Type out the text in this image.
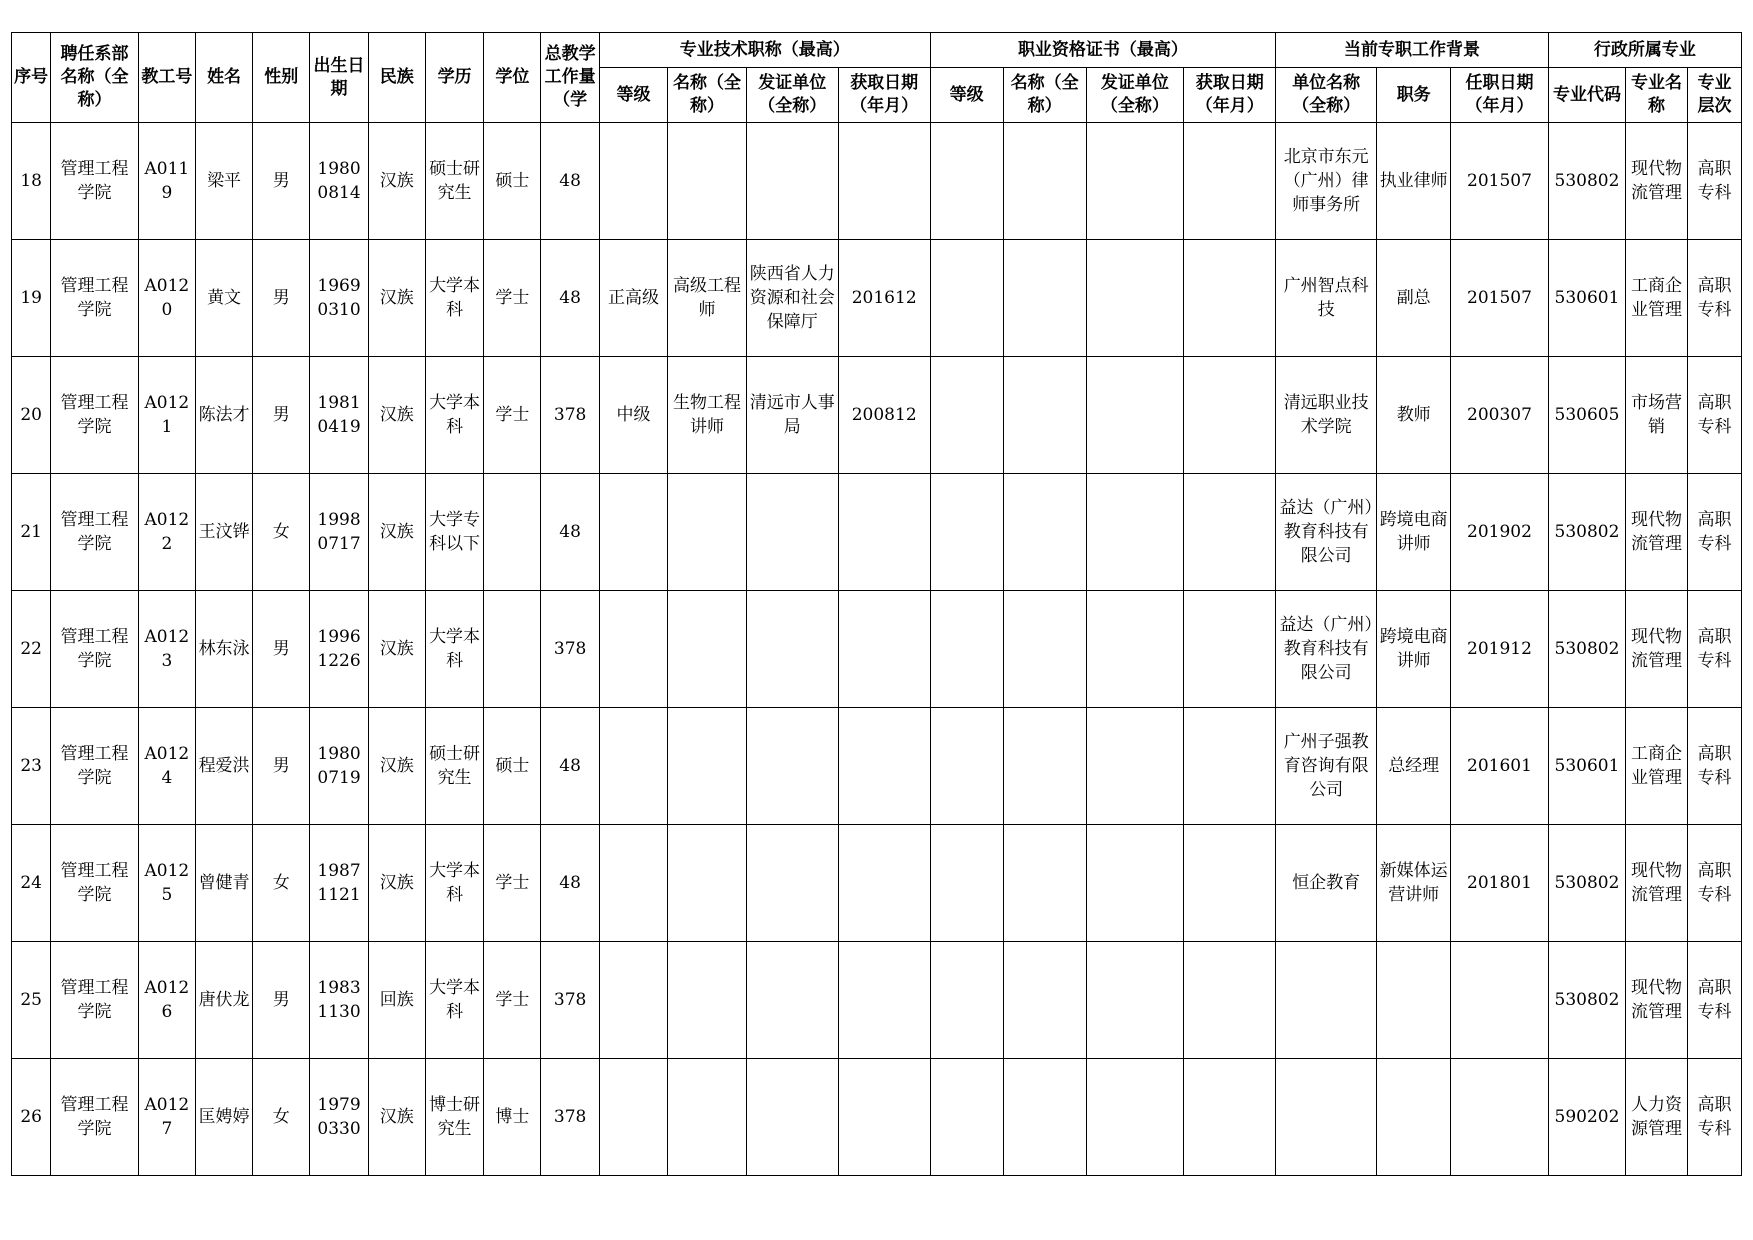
序号	聘任系部名称（全称）	教工号	姓名	性别	出生日期	民族	学历	学位	总教学工作量（学	专业技术职称（最高）				职业资格证书（最高）				当前专职工作背景			行政所属专业		
										等级	名称（全称）	发证单位（全称）	获取日期（年月）	等级	名称（全称）	发证单位（全称）	获取日期（年月）	单位名称（全称）	职务	任职日期（年月）	专业代码	专业名称	专业层次
18	管理工程学院	A0119	梁平	男	19800814	汉族	硕士研究生	硕士	48									北京市东元（广州）律师事务所	执业律师	201507	530802	现代物流管理	高职专科
19	管理工程学院	A0120	黄文	男	19690310	汉族	大学本科	学士	48	正高级	高级工程师	陕西省人力资源和社会保障厅	201612					广州智点科技	副总	201507	530601	工商企业管理	高职专科
20	管理工程学院	A0121	陈法才	男	19810419	汉族	大学本科	学士	378	中级	生物工程讲师	清远市人事局	200812					清远职业技术学院	教师	200307	530605	市场营销	高职专科
21	管理工程学院	A0122	王汶铧	女	19980717	汉族	大学专科以下		48									益达（广州）教育科技有限公司	跨境电商讲师	201902	530802	现代物流管理	高职专科
22	管理工程学院	A0123	林东泳	男	19961226	汉族	大学本科		378									益达（广州）教育科技有限公司	跨境电商讲师	201912	530802	现代物流管理	高职专科
23	管理工程学院	A0124	程爱洪	男	19800719	汉族	硕士研究生	硕士	48									广州子强教育咨询有限公司	总经理	201601	530601	工商企业管理	高职专科
24	管理工程学院	A0125	曾健青	女	19871121	汉族	大学本科	学士	48									恒企教育	新媒体运营讲师	201801	530802	现代物流管理	高职专科
25	管理工程学院	A0126	唐伏龙	男	19831130	回族	大学本科	学士	378												530802	现代物流管理	高职专科
26	管理工程学院	A0127	匡娉婷	女	19790330	汉族	博士研究生	博士	378												590202	人力资源管理	高职专科
